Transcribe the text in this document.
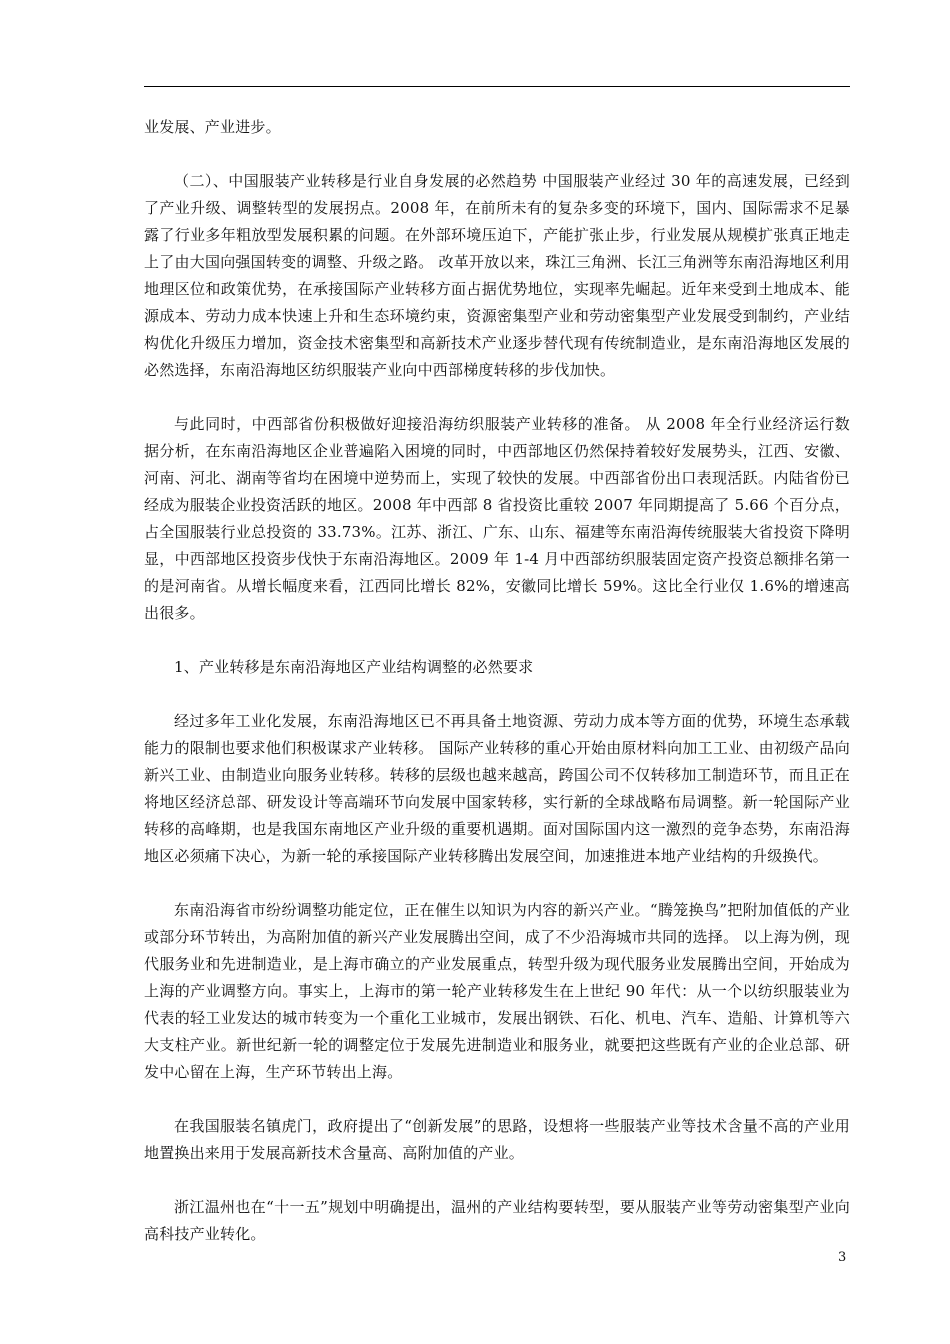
业发展、产业进步。

（二）、中国服装产业转移是行业自身发展的必然趋势 中国服装产业经过 30 年的高速发展，已经到了产业升级、调整转型的发展拐点。2008 年，在前所未有的复杂多变的环境下，国内、国际需求不足暴露了行业多年粗放型发展积累的问题。在外部环境压迫下，产能扩张止步，行业发展从规模扩张真正地走上了由大国向强国转变的调整、升级之路。 改革开放以来，珠江三角洲、长江三角洲等东南沿海地区利用地理区位和政策优势，在承接国际产业转移方面占据优势地位，实现率先崛起。近年来受到土地成本、能源成本、劳动力成本快速上升和生态环境约束，资源密集型产业和劳动密集型产业发展受到制约，产业结构优化升级压力增加，资金技术密集型和高新技术产业逐步替代现有传统制造业，是东南沿海地区发展的必然选择，东南沿海地区纺织服装产业向中西部梯度转移的步伐加快。

与此同时，中西部省份积极做好迎接沿海纺织服装产业转移的准备。 从 2008 年全行业经济运行数据分析，在东南沿海地区企业普遍陷入困境的同时，中西部地区仍然保持着较好发展势头，江西、安徽、河南、河北、湖南等省均在困境中逆势而上，实现了较快的发展。中西部省份出口表现活跃。内陆省份已经成为服装企业投资活跃的地区。2008 年中西部 8 省投资比重较 2007 年同期提高了 5.66 个百分点，占全国服装行业总投资的 33.73%。江苏、浙江、广东、山东、福建等东南沿海传统服装大省投资下降明显，中西部地区投资步伐快于东南沿海地区。2009 年 1-4 月中西部纺织服装固定资产投资总额排名第一的是河南省。从增长幅度来看，江西同比增长 82%，安徽同比增长 59%。这比全行业仅 1.6%的增速高出很多。

1、产业转移是东南沿海地区产业结构调整的必然要求

经过多年工业化发展，东南沿海地区已不再具备土地资源、劳动力成本等方面的优势，环境生态承载能力的限制也要求他们积极谋求产业转移。 国际产业转移的重心开始由原材料向加工工业、由初级产品向新兴工业、由制造业向服务业转移。转移的层级也越来越高，跨国公司不仅转移加工制造环节，而且正在将地区经济总部、研发设计等高端环节向发展中国家转移，实行新的全球战略布局调整。新一轮国际产业转移的高峰期，也是我国东南地区产业升级的重要机遇期。面对国际国内这一激烈的竞争态势，东南沿海地区必须痛下决心，为新一轮的承接国际产业转移腾出发展空间，加速推进本地产业结构的升级换代。

东南沿海省市纷纷调整功能定位，正在催生以知识为内容的新兴产业。“腾笼换鸟”把附加值低的产业或部分环节转出，为高附加值的新兴产业发展腾出空间，成了不少沿海城市共同的选择。 以上海为例，现代服务业和先进制造业，是上海市确立的产业发展重点，转型升级为现代服务业发展腾出空间，开始成为上海的产业调整方向。事实上，上海市的第一轮产业转移发生在上世纪 90 年代：从一个以纺织服装业为代表的轻工业发达的城市转变为一个重化工业城市，发展出钢铁、石化、机电、汽车、造船、计算机等六大支柱产业。新世纪新一轮的调整定位于发展先进制造业和服务业，就要把这些既有产业的企业总部、研发中心留在上海，生产环节转出上海。

在我国服装名镇虎门，政府提出了“创新发展”的思路，设想将一些服装产业等技术含量不高的产业用地置换出来用于发展高新技术含量高、高附加值的产业。

浙江温州也在“十一五”规划中明确提出，温州的产业结构要转型，要从服装产业等劳动密集型产业向高科技产业转化。

3
